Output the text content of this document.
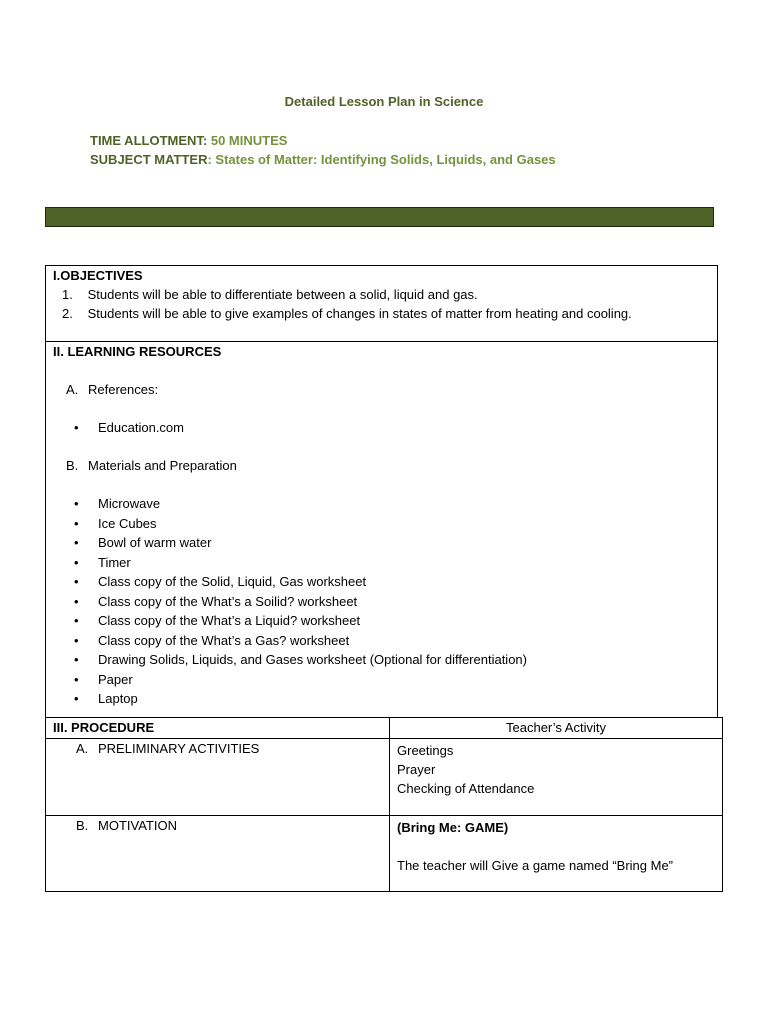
Detailed Lesson Plan in Science
TIME ALLOTMENT: 50 MINUTES
SUBJECT MATTER: States of Matter: Identifying Solids, Liquids, and Gases
I.OBJECTIVES
1. Students will be able to differentiate between a solid, liquid and gas.
2. Students will be able to give examples of changes in states of matter from heating and cooling.
II. LEARNING RESOURCES
A. References:
• Education.com
B. Materials and Preparation
• Microwave
• Ice Cubes
• Bowl of warm water
• Timer
• Class copy of the Solid, Liquid, Gas worksheet
• Class copy of the What’s a Soilid? worksheet
• Class copy of the What’s a Liquid? worksheet
• Class copy of the What’s a Gas? worksheet
• Drawing Solids, Liquids, and Gases worksheet (Optional for differentiation)
• Paper
• Laptop
III. PROCEDURE	Teacher’s Activity
A. PRELIMINARY ACTIVITIES	Greetings
Prayer
Checking of Attendance

B. MOTIVATION	(Bring Me: GAME)
The teacher will Give a game named “Bring Me”
